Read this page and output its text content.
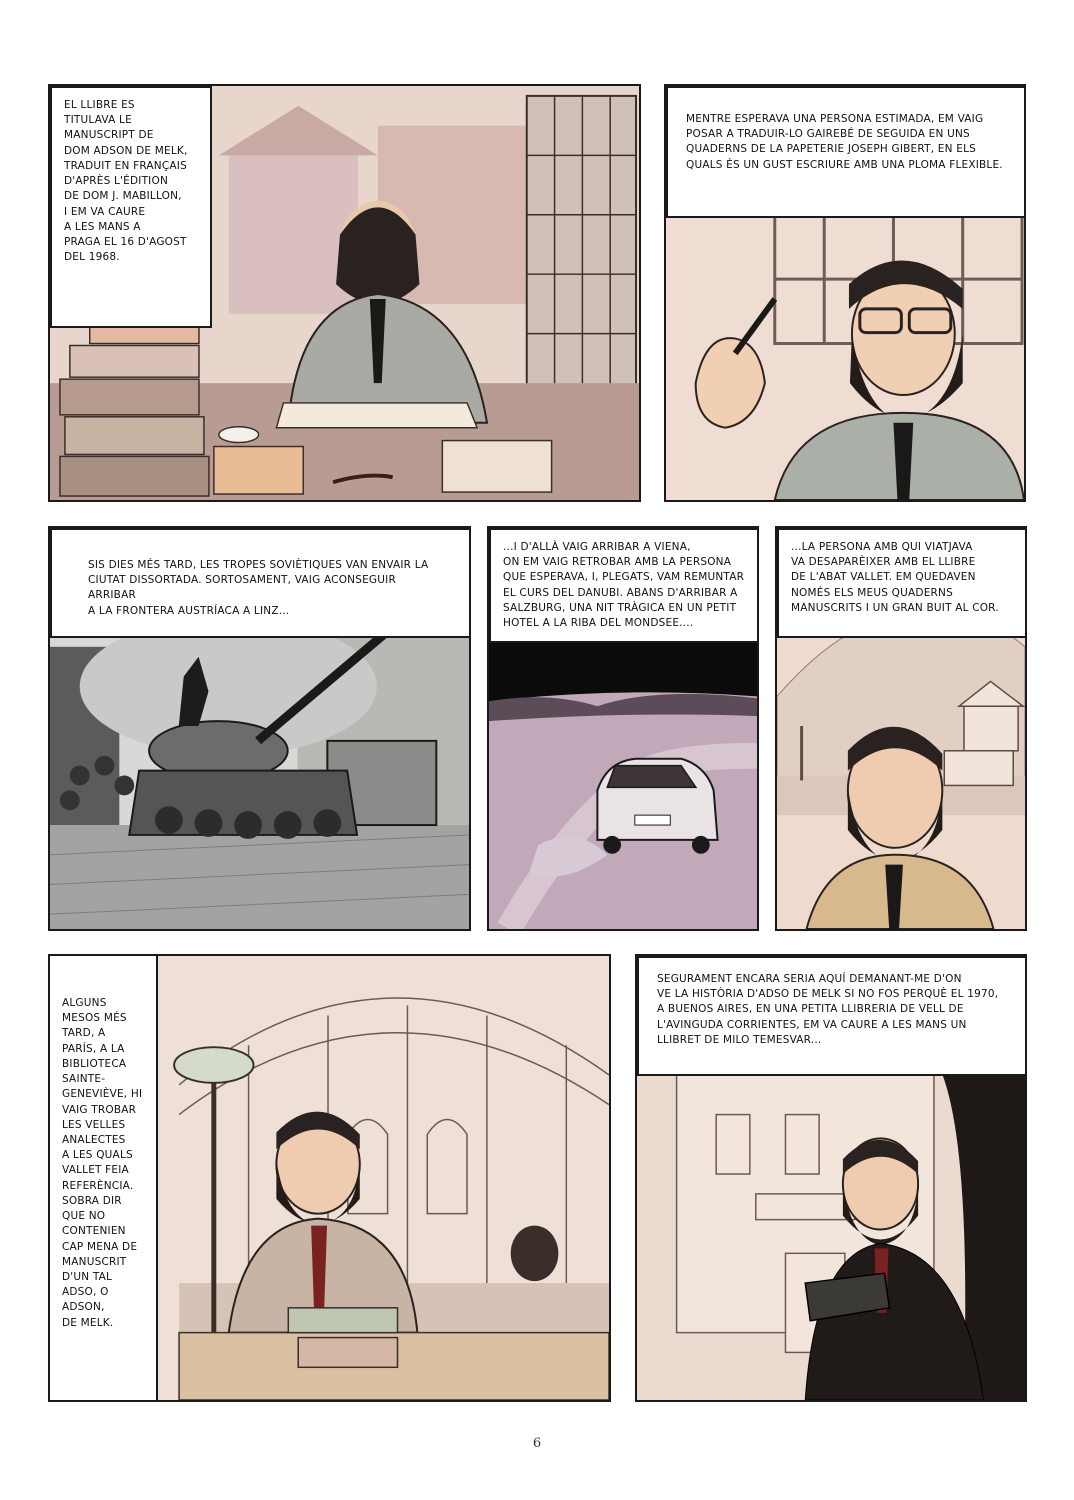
EL LLIBRE ES
TITULAVA LE
MANUSCRIPT DE
DOM ADSON DE MELK,
TRADUIT EN FRANÇAIS
D'APRÈS L'ÉDITION
DE DOM J. MABILLON,
I EM VA CAURE
A LES MANS A
PRAGA EL 16 D'AGOST
DEL 1968.
MENTRE ESPERAVA UNA PERSONA ESTIMADA, EM VAIG
POSAR A TRADUIR-LO GAIREBÉ DE SEGUIDA EN UNS
QUADERNS DE LA PAPETERIE JOSEPH GIBERT, EN ELS
QUALS ÉS UN GUST ESCRIURE AMB UNA PLOMA FLEXIBLE.
SIS DIES MÉS TARD, LES TROPES SOVIÈTIQUES VAN ENVAIR LA
CIUTAT DISSORTADA. SORTOSAMENT, VAIG ACONSEGUIR ARRIBAR
A LA FRONTERA AUSTRÍACA A LINZ...
...I D'ALLÀ VAIG ARRIBAR A VIENA,
ON EM VAIG RETROBAR AMB LA PERSONA
QUE ESPERAVA, I, PLEGATS, VAM REMUNTAR
EL CURS DEL DANUBI. ABANS D'ARRIBAR A
SALZBURG, UNA NIT TRÀGICA EN UN PETIT
HOTEL A LA RIBA DEL MONDSEE....
...LA PERSONA AMB QUI VIATJAVA
VA DESAPARÈIXER AMB EL LLIBRE
DE L'ABAT VALLET. EM QUEDAVEN
NOMÉS ELS MEUS QUADERNS
MANUSCRITS I UN GRAN BUIT AL COR.
ALGUNS
MESOS MÉS
TARD, A
PARÍS, A LA
BIBLIOTECA
SAINTE-
GENEVIÈVE, HI
VAIG TROBAR
LES VELLES
ANALECTES
A LES QUALS
VALLET FEIA
REFERÈNCIA.
SOBRA DIR
QUE NO
CONTENIEN
CAP MENA DE
MANUSCRIT
D'UN TAL
ADSO, O
ADSON,
DE MELK.
SEGURAMENT ENCARA SERIA AQUÍ DEMANANT-ME D'ON
VE LA HISTÒRIA D'ADSO DE MELK SI NO FOS PERQUÈ EL 1970,
A BUENOS AIRES, EN UNA PETITA LLIBRERIA DE VELL DE
L'AVINGUDA CORRIENTES, EM VA CAURE A LES MANS UN
LLIBRET DE MILO TEMESVAR...
6
